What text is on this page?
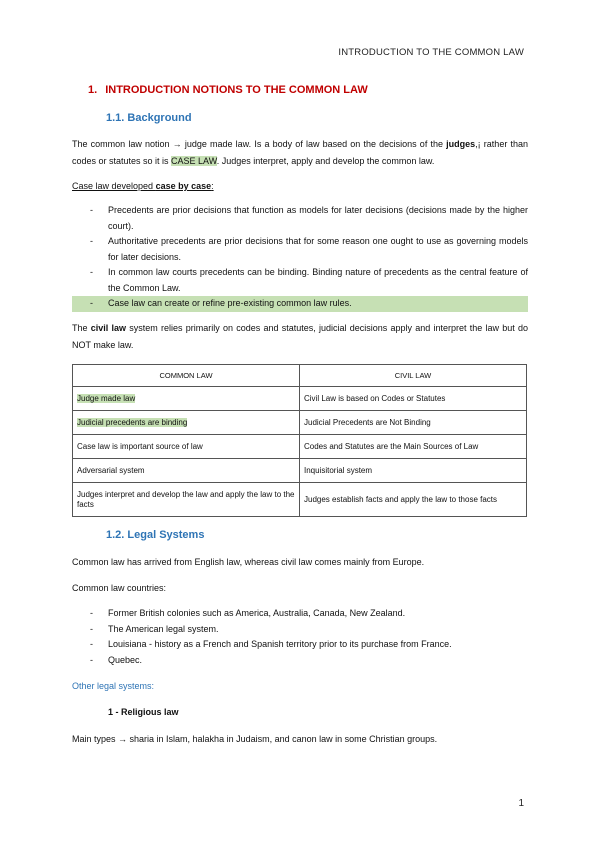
INTRODUCTION TO THE COMMON LAW
1. INTRODUCTION NOTIONS TO THE COMMON LAW
1.1. Background
The common law notion → judge made law. Is a body of law based on the decisions of the judges,¡ rather than codes or statutes so it is CASE LAW. Judges interpret, apply and develop the common law.
Case law developed case by case:
- Precedents are prior decisions that function as models for later decisions (decisions made by the higher court).
- Authoritative precedents are prior decisions that for some reason one ought to use as governing models for later decisions.
- In common law courts precedents can be binding. Binding nature of precedents as the central feature of the Common Law.
- Case law can create or refine pre-existing common law rules.
The civil law system relies primarily on codes and statutes, judicial decisions apply and interpret the law but do NOT make law.
COMMON LAW	CIVIL LAW
Judge made law	Civil Law is based on Codes or Statutes
Judicial precedents are binding	Judicial Precedents are Not Binding
Case law is important source of law	Codes and Statutes are the Main Sources of Law
Adversarial system	Inquisitorial system
Judges interpret and develop the law and apply the law to the facts	Judges establish facts and apply the law to those facts
1.2. Legal Systems
Common law has arrived from English law, whereas civil law comes mainly from Europe.
Common law countries:
- Former British colonies such as America, Australia, Canada, New Zealand.
- The American legal system.
- Louisiana - history as a French and Spanish territory prior to its purchase from France.
- Quebec.
Other legal systems:
1 - Religious law
Main types → sharia in Islam, halakha in Judaism, and canon law in some Christian groups.
1
